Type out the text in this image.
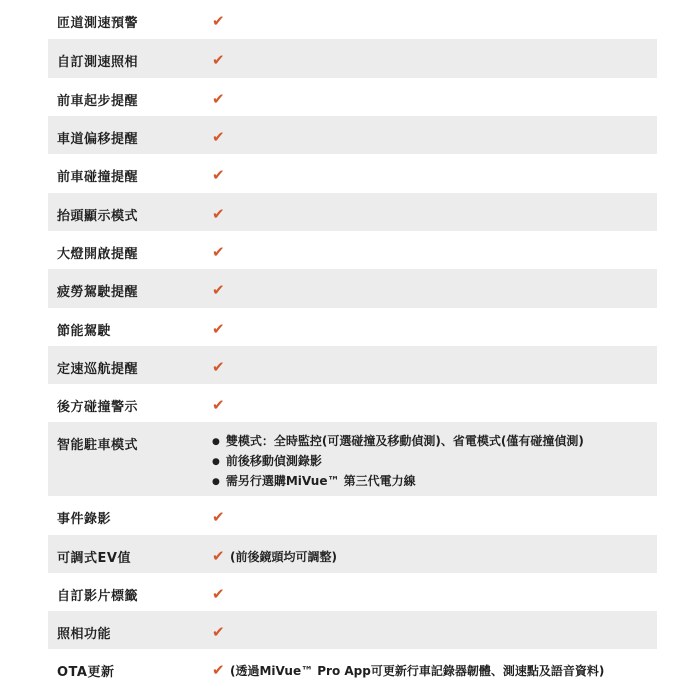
匝道測速預警	✔
自訂測速照相	✔
前車起步提醒	✔
車道偏移提醒	✔
前車碰撞提醒	✔
抬頭顯示模式	✔
大燈開啟提醒	✔
疲勞駕駛提醒	✔
節能駕駛	✔
定速巡航提醒	✔
後方碰撞警示	✔
智能駐車模式
●	雙模式：全時監控(可選碰撞及移動偵測)、省電模式(僅有碰撞偵測)
● 前後移動偵測錄影
● 需另行選購MiVue™ 第三代電力線
事件錄影	✔
可調式EV值	✔ (前後鏡頭均可調整)
自訂影片標籤	✔
照相功能	✔
OTA更新	✔ (透過MiVue™ Pro App可更新行車記錄器韌體、測速點及語音資料)
